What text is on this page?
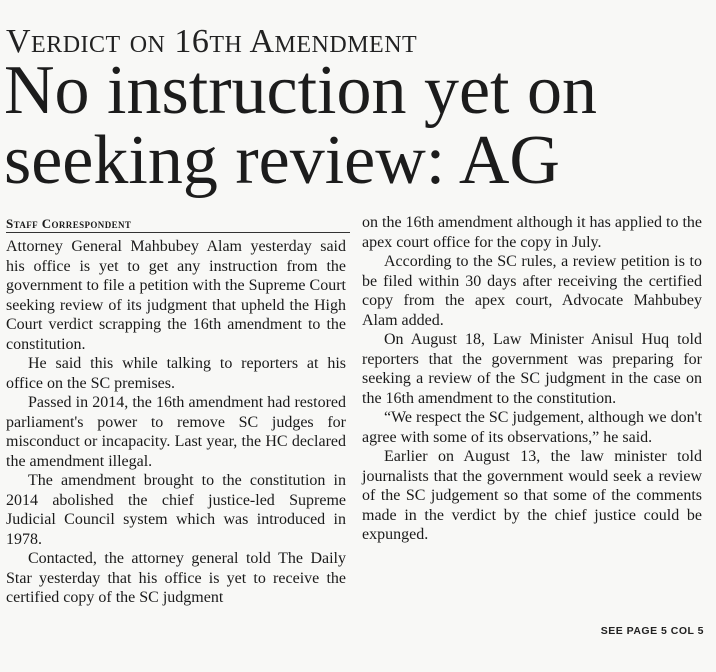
Verdict on 16th Amendment
No instruction yet on seeking review: AG
Staff Correspondent

Attorney General Mahbubey Alam yesterday said his office is yet to get any instruction from the government to file a petition with the Supreme Court seeking review of its judgment that upheld the High Court verdict scrapping the 16th amendment to the constitution.

He said this while talking to reporters at his office on the SC premises.

Passed in 2014, the 16th amendment had restored parliament's power to remove SC judges for misconduct or incapacity. Last year, the HC declared the amendment illegal.

The amendment brought to the constitution in 2014 abolished the chief justice-led Supreme Judicial Council system which was introduced in 1978.

Contacted, the attorney general told The Daily Star yesterday that his office is yet to receive the certified copy of the SC judgment

on the 16th amendment although it has applied to the apex court office for the copy in July.

According to the SC rules, a review petition is to be filed within 30 days after receiving the certified copy from the apex court, Advocate Mahbubey Alam added.

On August 18, Law Minister Anisul Huq told reporters that the government was preparing for seeking a review of the SC judgment in the case on the 16th amendment to the constitution.

“We respect the SC judgement, although we don't agree with some of its observations,” he said.

Earlier on August 13, the law minister told journalists that the government would seek a review of the SC judgement so that some of the comments made in the verdict by the chief justice could be expunged.

SEE PAGE 5 COL 5
